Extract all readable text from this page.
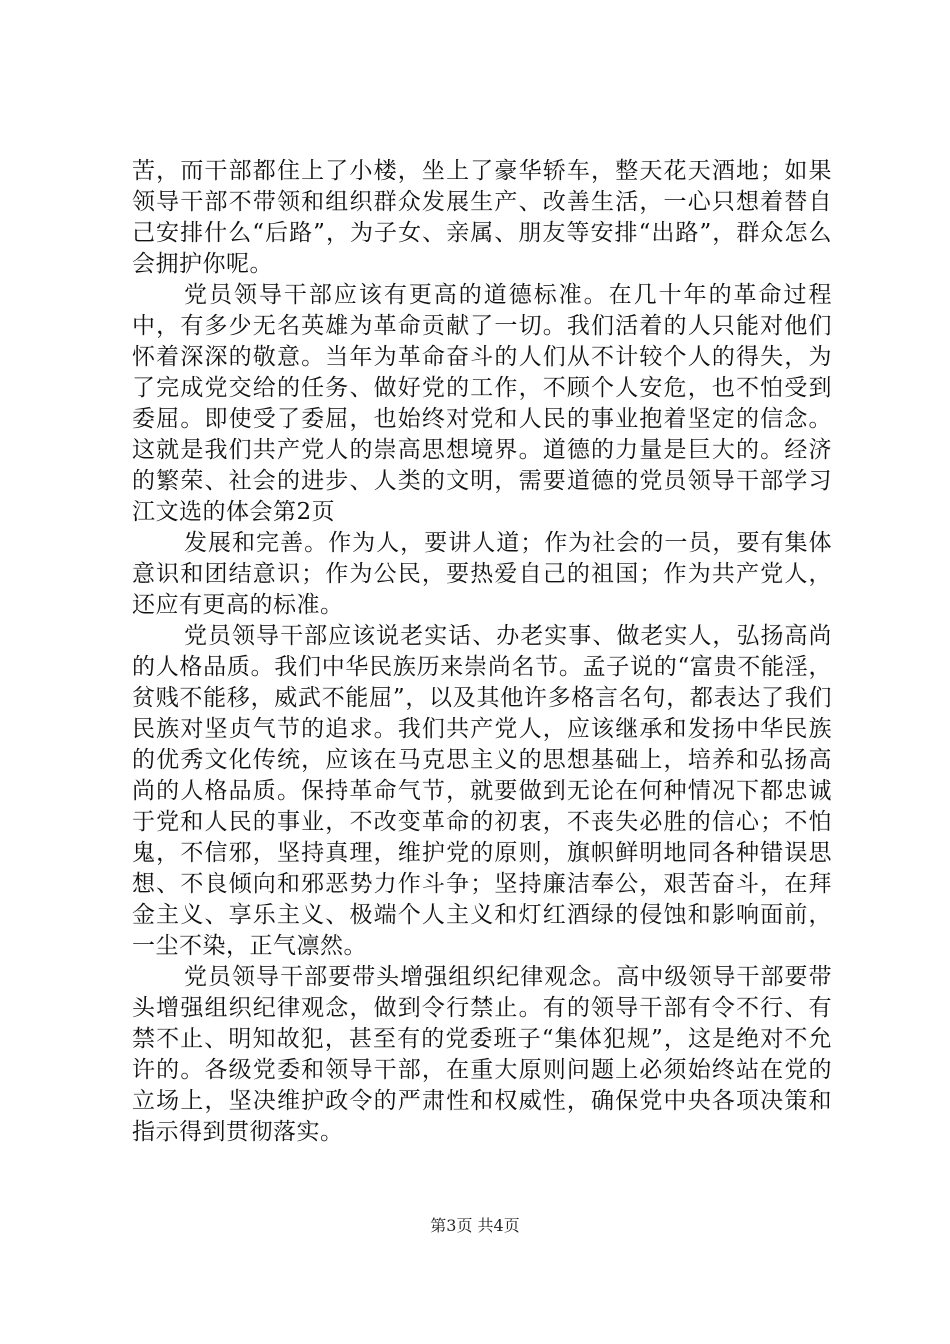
苦，而干部都住上了小楼，坐上了豪华轿车，整天花天酒地；如果领导干部不带领和组织群众发展生产、改善生活，一心只想着替自己安排什么“后路”，为子女、亲属、朋友等安排“出路”，群众怎么会拥护你呢。

党员领导干部应该有更高的道德标准。在几十年的革命过程中，有多少无名英雄为革命贡献了一切。我们活着的人只能对他们怀着深深的敬意。当年为革命奋斗的人们从不计较个人的得失，为了完成党交给的任务、做好党的工作，不顾个人安危，也不怕受到委屈。即使受了委屈，也始终对党和人民的事业抱着坚定的信念。这就是我们共产党人的崇高思想境界。道德的力量是巨大的。经济的繁荣、社会的进步、人类的文明，需要道德的党员领导干部学习江文选的体会第2页

发展和完善。作为人，要讲人道；作为社会的一员，要有集体意识和团结意识；作为公民，要热爱自己的祖国；作为共产党人，还应有更高的标准。

党员领导干部应该说老实话、办老实事、做老实人，弘扬高尚的人格品质。我们中华民族历来崇尚名节。孟子说的“富贵不能淫，贫贱不能移，威武不能屈”，以及其他许多格言名句，都表达了我们民族对坚贞气节的追求。我们共产党人，应该继承和发扬中华民族的优秀文化传统，应该在马克思主义的思想基础上，培养和弘扬高尚的人格品质。保持革命气节，就要做到无论在何种情况下都忠诚于党和人民的事业，不改变革命的初衷，不丧失必胜的信心；不怕鬼，不信邪，坚持真理，维护党的原则，旗帜鲜明地同各种错误思想、不良倾向和邪恶势力作斗争；坚持廉洁奉公，艰苦奋斗，在拜金主义、享乐主义、极端个人主义和灯红酒绿的侵蚀和影响面前，一尘不染，正气凛然。

党员领导干部要带头增强组织纪律观念。高中级领导干部要带头增强组织纪律观念，做到令行禁止。有的领导干部有令不行、有禁不止、明知故犯，甚至有的党委班子“集体犯规”，这是绝对不允许的。各级党委和领导干部，在重大原则问题上必须始终站在党的立场上，坚决维护政令的严肃性和权威性，确保党中央各项决策和指示得到贯彻落实。

第3页 共4页
